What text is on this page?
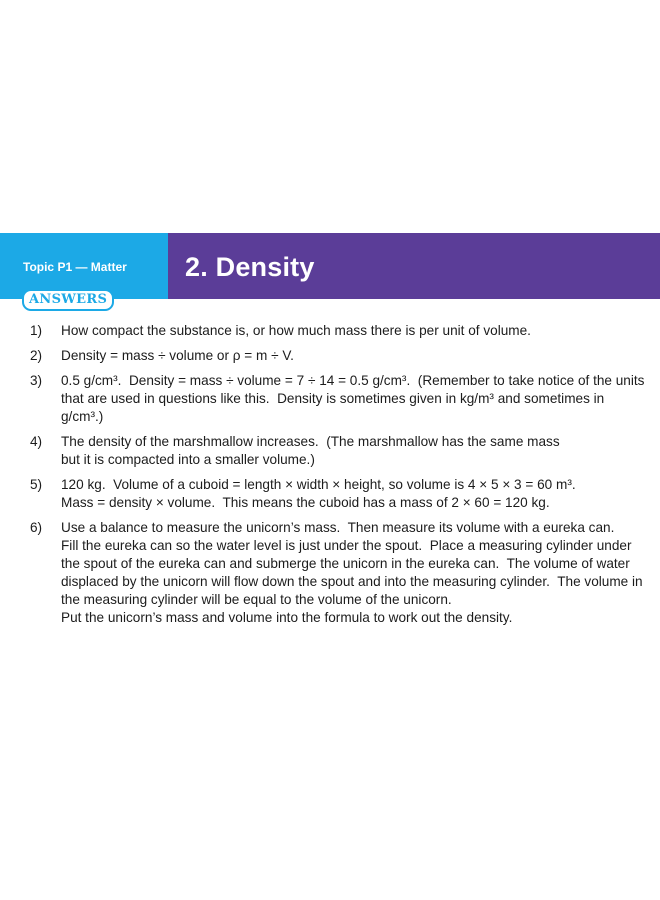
Topic P1 — Matter 2. Density
ANSWERS
1)	How compact the substance is, or how much mass there is per unit of volume.
2)	Density = mass ÷ volume or ρ = m ÷ V.
3)	0.5 g/cm³.  Density = mass ÷ volume = 7 ÷ 14 = 0.5 g/cm³.  (Remember to take notice of the units that are used in questions like this.  Density is sometimes given in kg/m³ and sometimes in g/cm³.)
4)	The density of the marshmallow increases.  (The marshmallow has the same mass
but it is compacted into a smaller volume.)
5)	120 kg.  Volume of a cuboid = length × width × height, so volume is 4 × 5 × 3 = 60 m³.
Mass = density × volume.  This means the cuboid has a mass of 2 × 60 = 120 kg.
6)	Use a balance to measure the unicorn’s mass.  Then measure its volume with a eureka can.
Fill the eureka can so the water level is just under the spout.  Place a measuring cylinder under the spout of the eureka can and submerge the unicorn in the eureka can.  The volume of water displaced by the unicorn will flow down the spout and into the measuring cylinder.  The volume in the measuring cylinder will be equal to the volume of the unicorn.
Put the unicorn’s mass and volume into the formula to work out the density.
